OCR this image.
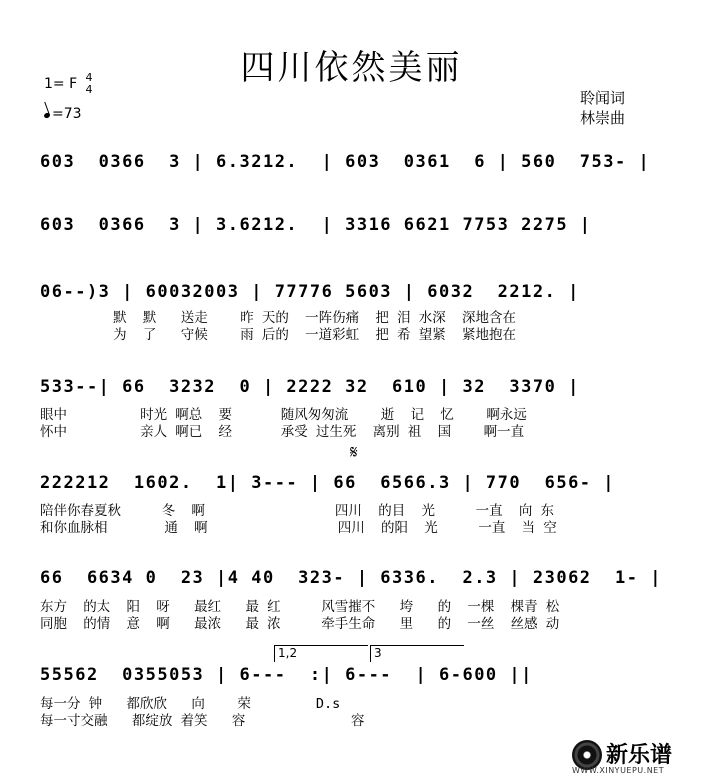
四川依然美丽
1= F 4
4
=73
聆闻词
林崇曲
603  0366  3 | 6.3212.  | 603  0361  6 | 560  753- |
603  0366  3 | 3.6212.  | 3316 6621 7753 2275 |
06--)3 | 60032003 | 77776 5603 | 6032  2212. |
默  默   送走    昨 天的  一阵伤痛  把 泪 水深  深地含在
为  了   守候    雨 后的  一道彩虹  把 希 望紧  紧地抱在
533--| 66  3232  0 | 2222 32  610 | 32  3370 |
眼中         时光 啊总  要      随风匆匆流    逝  记  忆    啊永远
怀中         亲人 啊已  经      承受 过生死  离别 祖  国    啊一直
𝄋
222212  1602.  1| 3--- | 66  6566.3 | 770  656- |
陪伴你春夏秋     冬  啊                四川  的目  光     一直  向 东
和你血脉相       通  啊                四川  的阳  光     一直  当 空
66  6634 0  23 |4 40  323- | 6336.  2.3 | 23062  1- |
东方  的太  阳  呀   最红   最 红     风雪摧不   垮   的  一棵  棵青 松
同胞  的情  意  啊   最浓   最 浓     牵手生命   里   的  一丝  丝感 动
1,2	3
55562  0355053 | 6---  :| 6---  | 6-600 ||
每一分 钟   都欣欣   向    荣        D.s
每一寸交融   都绽放 着笑   容             容
新乐谱
WWW.XINYUEPU.NET
